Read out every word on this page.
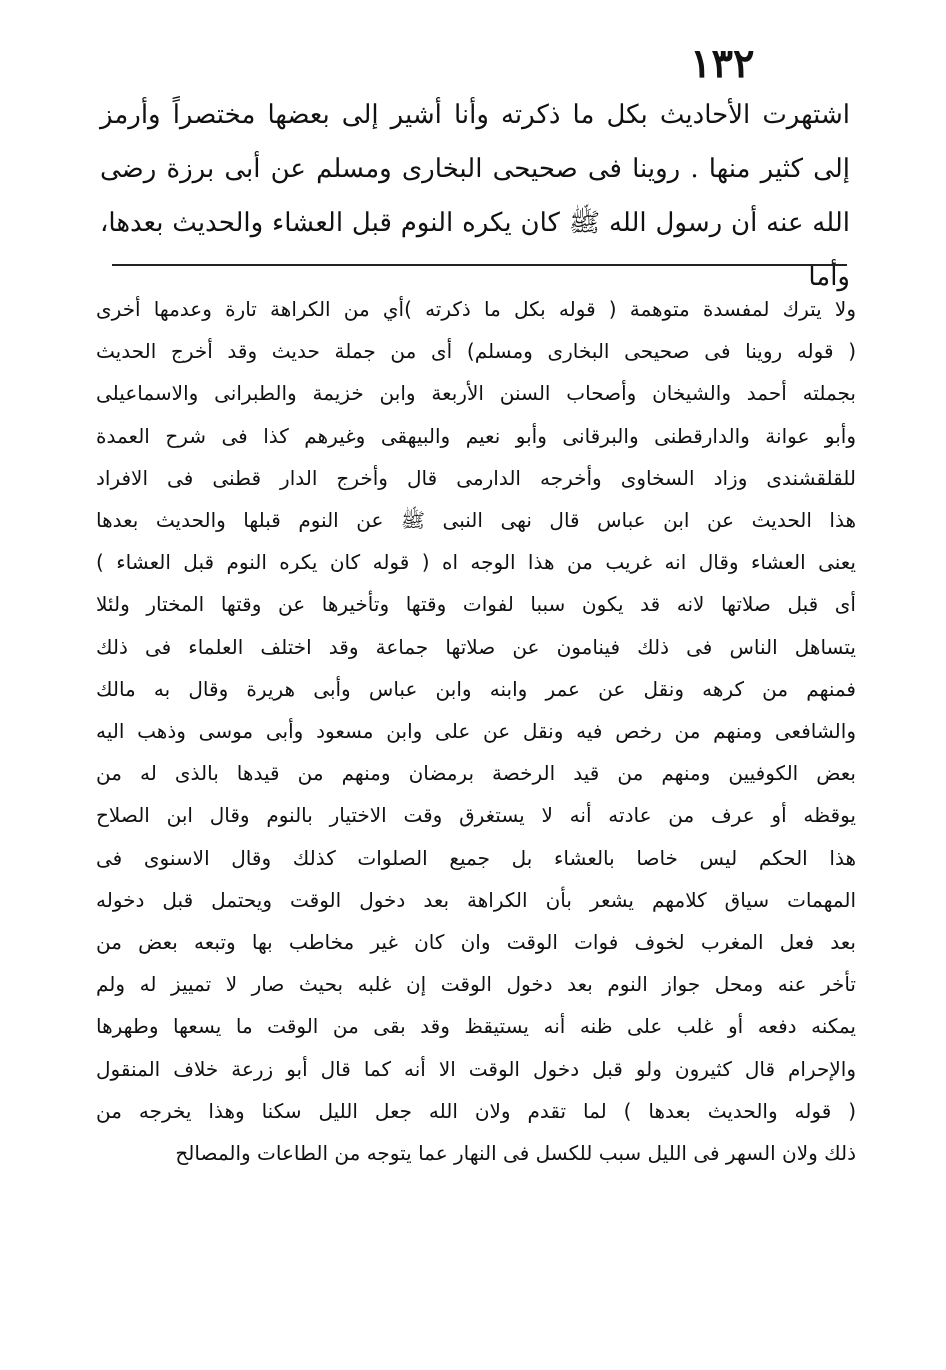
١٣٢

اشتهرت الأحاديث بكل ما ذكرته وأنا أشير إلى بعضها مختصراً وأرمز

إلى كثير منها . روينا فى صحيحى البخارى ومسلم عن أبى برزة رضى

الله عنه أن رسول الله ﷺ كان يكره النوم قبل العشاء والحديث بعدها، وأما

ولا يترك لمفسدة متوهمة ( قوله بكل ما ذكرته )أي من الكراهة تارة وعدمها أخرى
( قوله روينا فى صحيحى البخارى ومسلم) أى من جملة حديث وقد أخرج الحديث
بجملته أحمد والشيخان وأصحاب السنن الأربعة وابن خزيمة والطبرانى والاسماعيلى
وأبو عوانة والدارقطنى والبرقانى وأبو نعيم والبيهقى وغيرهم كذا فى شرح العمدة
للقلقشندى وزاد السخاوى وأخرجه الدارمى قال وأخرج الدار قطنى فى الافراد
هذا الحديث عن ابن عباس قال نهى النبى ﷺ عن النوم قبلها والحديث بعدها
يعنى العشاء وقال انه غريب من هذا الوجه اه ( قوله كان يكره النوم قبل العشاء )
أى قبل صلاتها لانه قد يكون سببا لفوات وقتها وتأخيرها عن وقتها المختار ولئلا
يتساهل الناس فى ذلك فينامون عن صلاتها جماعة وقد اختلف العلماء فى ذلك
فمنهم من كرهه ونقل عن عمر وابنه وابن عباس وأبى هريرة وقال به مالك
والشافعى ومنهم من رخص فيه ونقل عن على وابن مسعود وأبى موسى وذهب اليه
بعض الكوفيين ومنهم من قيد الرخصة برمضان ومنهم من قيدها بالذى له من
يوقظه أو عرف من عادته أنه لا يستغرق وقت الاختيار بالنوم وقال ابن الصلاح
هذا الحكم ليس خاصا بالعشاء بل جميع الصلوات كذلك وقال الاسنوى فى
المهمات سياق كلامهم يشعر بأن الكراهة بعد دخول الوقت ويحتمل قبل دخوله
بعد فعل المغرب لخوف فوات الوقت وان كان غير مخاطب بها وتبعه بعض من
تأخر عنه ومحل جواز النوم بعد دخول الوقت إن غلبه بحيث صار لا تمييز له ولم
يمكنه دفعه أو غلب على ظنه أنه يستيقظ وقد بقى من الوقت ما يسعها وطهرها
والإحرام قال كثيرون ولو قبل دخول الوقت الا أنه كما قال أبو زرعة خلاف المنقول
( قوله والحديث بعدها ) لما تقدم ولان الله جعل الليل سكنا وهذا يخرجه من
ذلك ولان السهر فى الليل سبب للكسل فى النهار عما يتوجه من الطاعات والمصالح
